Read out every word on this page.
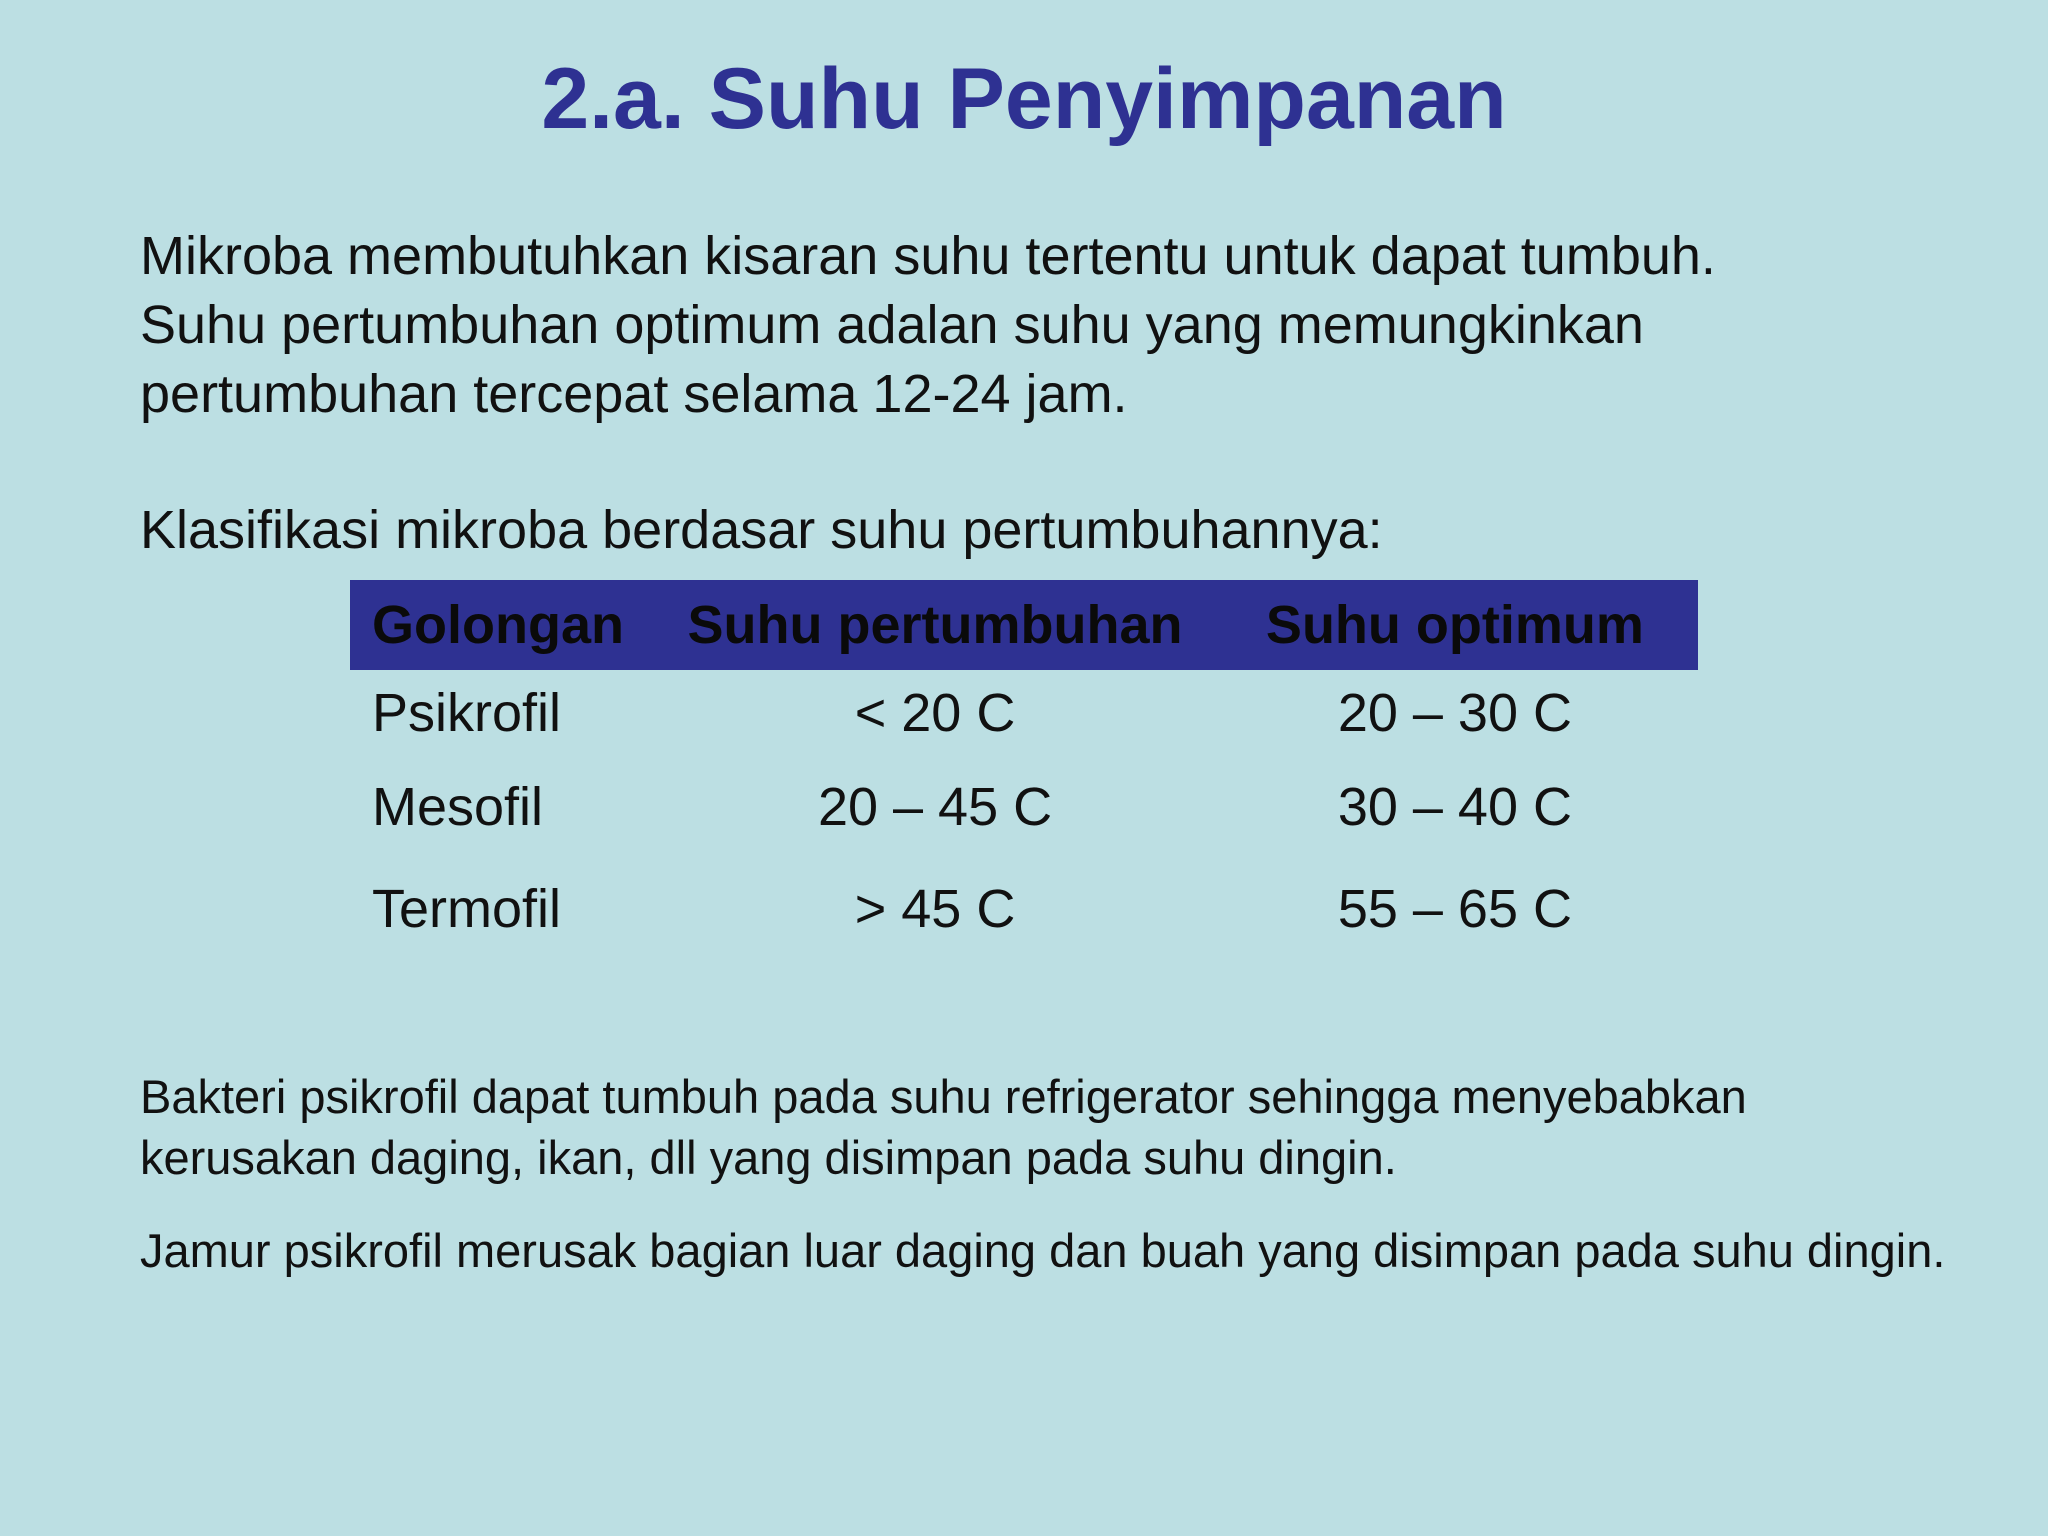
2.a. Suhu Penyimpanan
Mikroba membutuhkan kisaran suhu tertentu untuk dapat tumbuh.
Suhu pertumbuhan optimum adalan suhu yang memungkinkan
pertumbuhan tercepat selama 12-24 jam.
Klasifikasi mikroba berdasar suhu pertumbuhannya:
Golongan	Suhu pertumbuhan	Suhu optimum
Psikrofil	< 20 C	20 – 30 C
Mesofil	20 – 45 C	30 – 40 C
Termofil	> 45 C	55 – 65 C

Bakteri psikrofil dapat tumbuh pada suhu refrigerator sehingga menyebabkan kerusakan daging, ikan, dll yang disimpan pada suhu dingin.

Jamur psikrofil merusak bagian luar daging dan buah yang disimpan pada suhu dingin.
